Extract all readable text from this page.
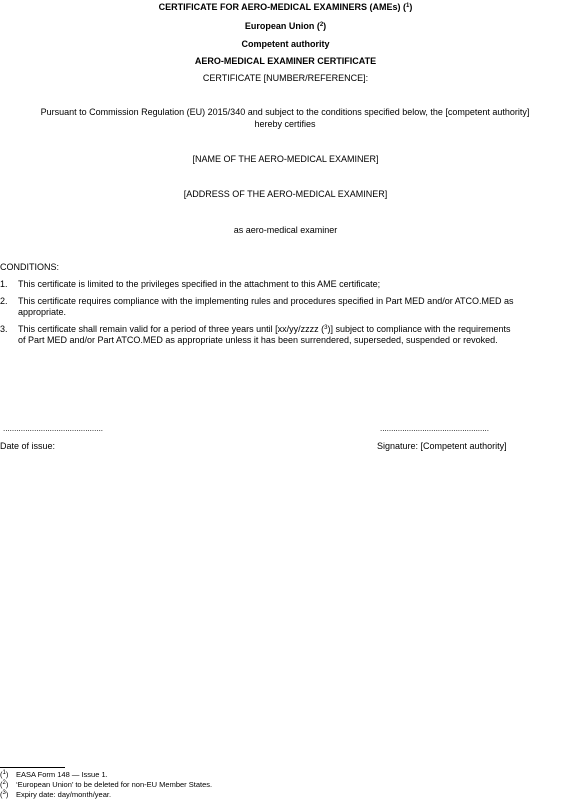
CERTIFICATE FOR AERO-MEDICAL EXAMINERS (AMEs) ($^1$)
European Union ($^2$)
Competent authority
AERO-MEDICAL EXAMINER CERTIFICATE
CERTIFICATE [NUMBER/REFERENCE]:
Pursuant to Commission Regulation (EU) 2015/340 and subject to the conditions specified below, the [competent authority]
hereby certifies
[NAME OF THE AERO-MEDICAL EXAMINER]
[ADDRESS OF THE AERO-MEDICAL EXAMINER]
as aero-medical examiner
CONDITIONS:
1.	This certificate is limited to the privileges specified in the attachment to this AME certificate;
2.	This certificate requires compliance with the implementing rules and procedures specified in Part MED and/or ATCO.MED as
appropriate.
3.	This certificate shall remain valid for a period of three years until [xx/yy/zzzz ($^3$)] subject to compliance with the requirements
of Part MED and/or Part ATCO.MED as appropriate unless it has been surrendered, superseded, suspended or revoked.
.............................................	.................................................
Date of issue:	Signature: [Competent authority]
($^1$) EASA Form 148 — Issue 1.
($^2$) ‘European Union’ to be deleted for non-EU Member States.
($^3$) Expiry date: day/month/year.
